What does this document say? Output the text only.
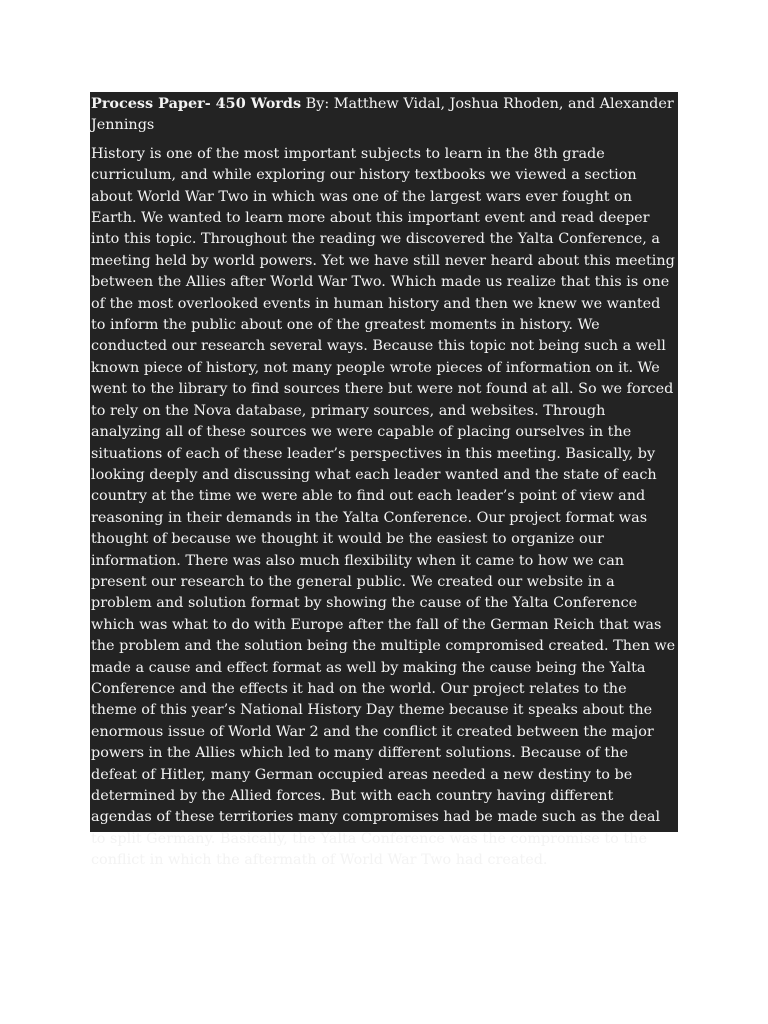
Process Paper- 450 Words By: Matthew Vidal, Joshua Rhoden, and Alexander Jennings

History is one of the most important subjects to learn in the 8th grade curriculum, and while exploring our history textbooks we viewed a section about World War Two in which was one of the largest wars ever fought on Earth. We wanted to learn more about this important event and read deeper into this topic. Throughout the reading we discovered the Yalta Conference, a meeting held by world powers. Yet we have still never heard about this meeting between the Allies after World War Two. Which made us realize that this is one of the most overlooked events in human history and then we knew we wanted to inform the public about one of the greatest moments in history. We conducted our research several ways. Because this topic not being such a well known piece of history, not many people wrote pieces of information on it. We went to the library to find sources there but were not found at all. So we forced to rely on the Nova database, primary sources, and websites. Through analyzing all of these sources we were capable of placing ourselves in the situations of each of these leader’s perspectives in this meeting. Basically, by looking deeply and discussing what each leader wanted and the state of each country at the time we were able to find out each leader’s point of view and reasoning in their demands in the Yalta Conference. Our project format was thought of because we thought it would be the easiest to organize our information. There was also much flexibility when it came to how we can present our research to the general public. We created our website in a problem and solution format by showing the cause of the Yalta Conference which was what to do with Europe after the fall of the German Reich that was the problem and the solution being the multiple compromised created. Then we made a cause and effect format as well by making the cause being the Yalta Conference and the effects it had on the world. Our project relates to the theme of this year’s National History Day theme because it speaks about the enormous issue of World War 2 and the conflict it created between the major powers in the Allies which led to many different solutions. Because of the defeat of Hitler, many German occupied areas needed a new destiny to be determined by the Allied forces. But with each country having different agendas of these territories many compromises had be made such as the deal to split Germany. Basically, the Yalta Conference was the compromise to the conflict in which the aftermath of World War Two had created.
